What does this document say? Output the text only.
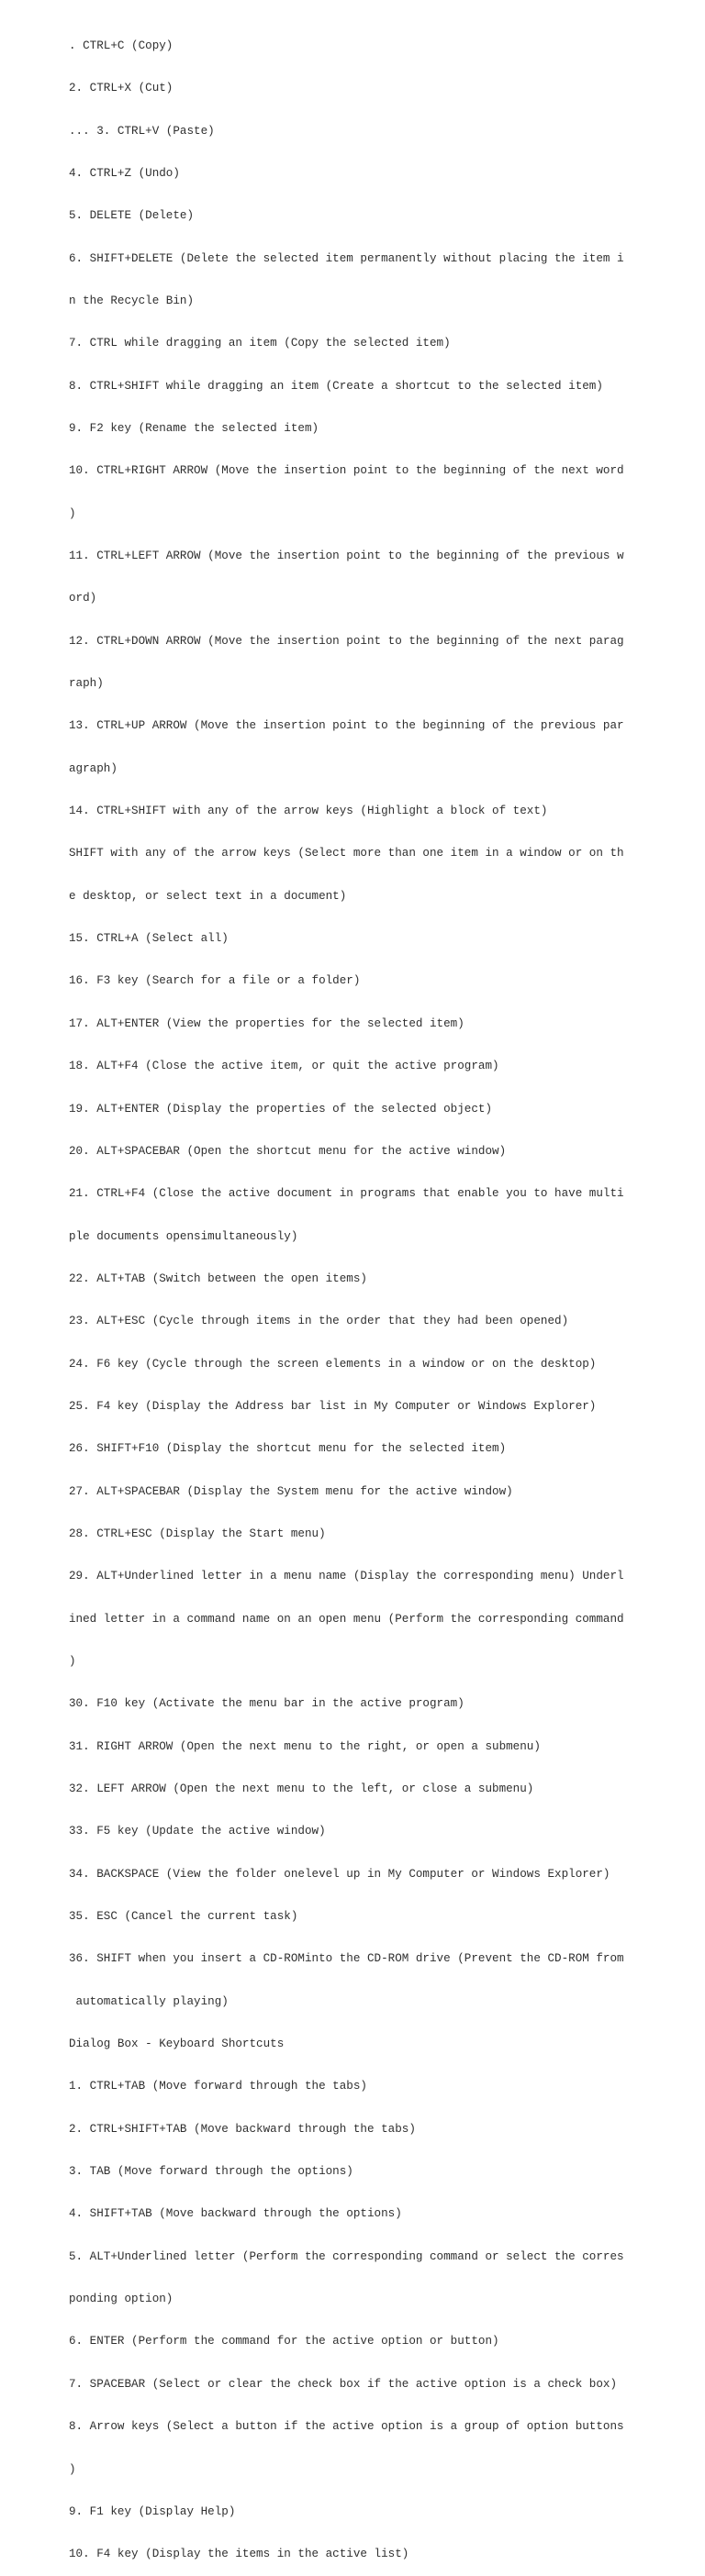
. CTRL+C (Copy)

2. CTRL+X (Cut)

... 3. CTRL+V (Paste)

4. CTRL+Z (Undo)

5. DELETE (Delete)

6. SHIFT+DELETE (Delete the selected item permanently without placing the item i

n the Recycle Bin)

7. CTRL while dragging an item (Copy the selected item)

8. CTRL+SHIFT while dragging an item (Create a shortcut to the selected item)

9. F2 key (Rename the selected item)

10. CTRL+RIGHT ARROW (Move the insertion point to the beginning of the next word

)

11. CTRL+LEFT ARROW (Move the insertion point to the beginning of the previous w

ord)

12. CTRL+DOWN ARROW (Move the insertion point to the beginning of the next parag

raph)

13. CTRL+UP ARROW (Move the insertion point to the beginning of the previous par

agraph)

14. CTRL+SHIFT with any of the arrow keys (Highlight a block of text)

SHIFT with any of the arrow keys (Select more than one item in a window or on th

e desktop, or select text in a document)

15. CTRL+A (Select all)

16. F3 key (Search for a file or a folder)

17. ALT+ENTER (View the properties for the selected item)

18. ALT+F4 (Close the active item, or quit the active program)

19. ALT+ENTER (Display the properties of the selected object)

20. ALT+SPACEBAR (Open the shortcut menu for the active window)

21. CTRL+F4 (Close the active document in programs that enable you to have multi

ple documents opensimultaneously)

22. ALT+TAB (Switch between the open items)

23. ALT+ESC (Cycle through items in the order that they had been opened)

24. F6 key (Cycle through the screen elements in a window or on the desktop)

25. F4 key (Display the Address bar list in My Computer or Windows Explorer)

26. SHIFT+F10 (Display the shortcut menu for the selected item)

27. ALT+SPACEBAR (Display the System menu for the active window)

28. CTRL+ESC (Display the Start menu)

29. ALT+Underlined letter in a menu name (Display the corresponding menu) Underl

ined letter in a command name on an open menu (Perform the corresponding command

)

30. F10 key (Activate the menu bar in the active program)

31. RIGHT ARROW (Open the next menu to the right, or open a submenu)

32. LEFT ARROW (Open the next menu to the left, or close a submenu)

33. F5 key (Update the active window)

34. BACKSPACE (View the folder onelevel up in My Computer or Windows Explorer)

35. ESC (Cancel the current task)

36. SHIFT when you insert a CD-ROMinto the CD-ROM drive (Prevent the CD-ROM from

automatically playing)

Dialog Box - Keyboard Shortcuts

1. CTRL+TAB (Move forward through the tabs)

2. CTRL+SHIFT+TAB (Move backward through the tabs)

3. TAB (Move forward through the options)

4. SHIFT+TAB (Move backward through the options)

5. ALT+Underlined letter (Perform the corresponding command or select the corres

ponding option)

6. ENTER (Perform the command for the active option or button)

7. SPACEBAR (Select or clear the check box if the active option is a check box)

8. Arrow keys (Select a button if the active option is a group of option buttons

)

9. F1 key (Display Help)

10. F4 key (Display the items in the active list)
